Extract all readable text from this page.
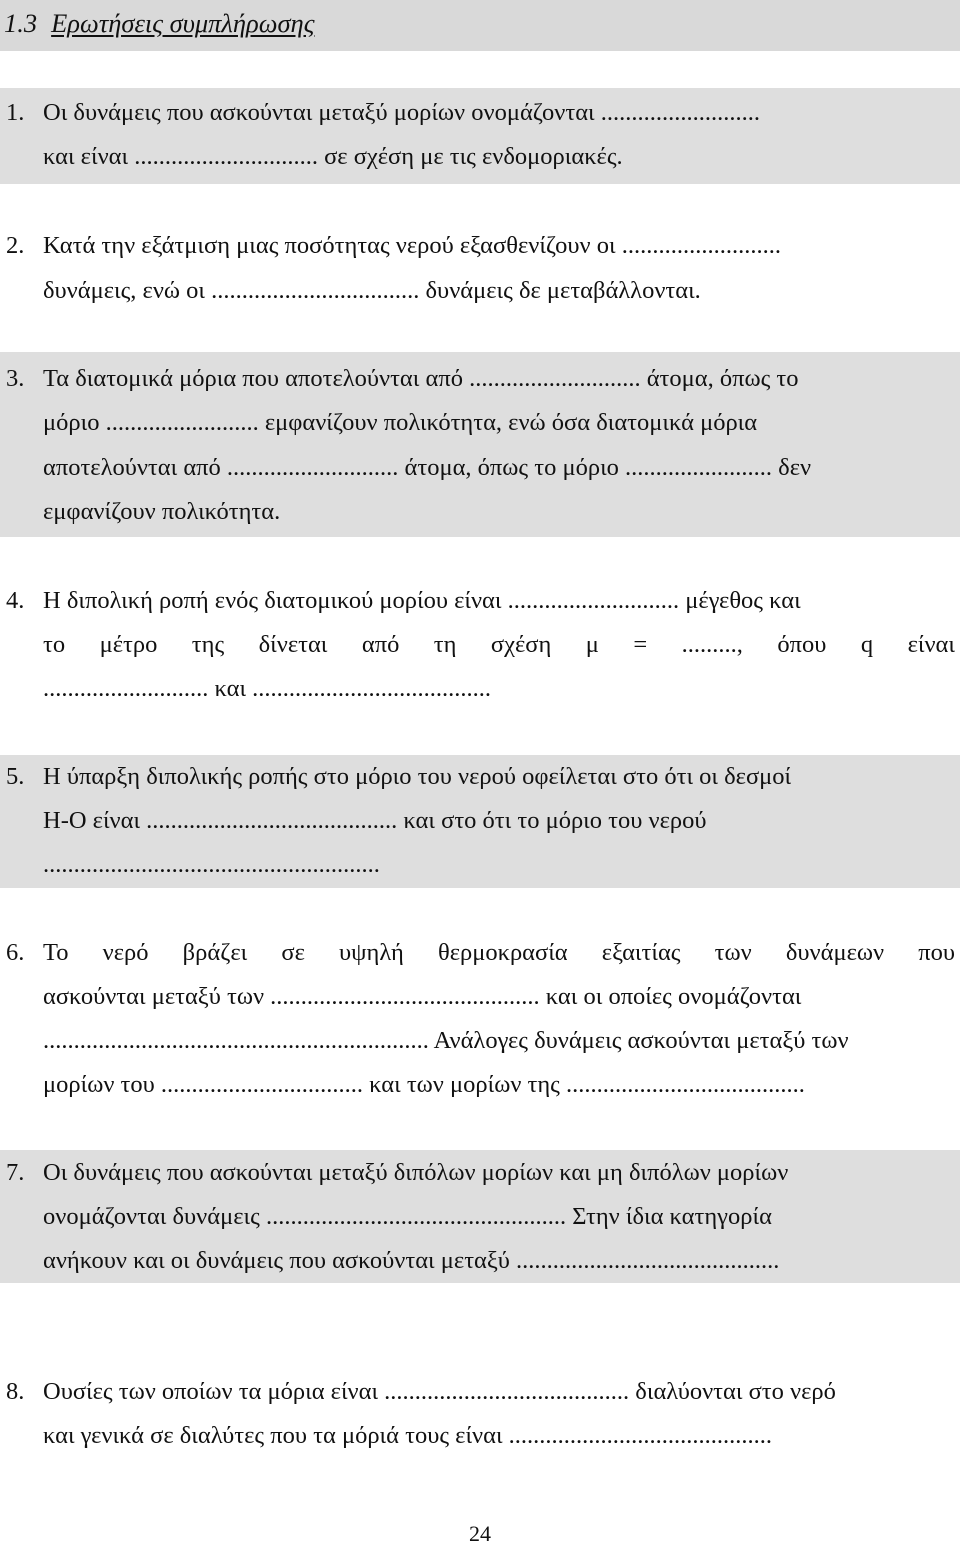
1.3 Ερωτήσεις συμπλήρωσης
1. Οι δυνάμεις που ασκούνται μεταξύ μορίων ονομάζονται ..........................
και είναι .............................. σε σχέση με τις ενδομοριακές.
2. Κατά την εξάτμιση μιας ποσότητας νερού εξασθενίζουν οι ..........................
δυνάμεις, ενώ οι .................................. δυνάμεις δε μεταβάλλονται.
3. Τα διατομικά μόρια που αποτελούνται από ............................ άτομα, όπως το
μόριο ......................... εμφανίζουν πολικότητα, ενώ όσα διατομικά μόρια
αποτελούνται από ............................ άτομα, όπως το μόριο ........................ δεν
εμφανίζουν πολικότητα.
4. Η διπολική ροπή ενός διατομικού μορίου είναι ............................ μέγεθος και
το μέτρο της δίνεται από τη σχέση μ = ........., όπου q είναι
........................... και .......................................
5. Η ύπαρξη διπολικής ροπής στο μόριο του νερού οφείλεται στο ότι οι δεσμοί
Η-Ο είναι ......................................... και στο ότι το μόριο του νερού
.......................................................
6. Το νερό βράζει σε υψηλή θερμοκρασία εξαιτίας των δυνάμεων που
ασκούνται μεταξύ των ............................................ και οι οποίες ονομάζονται
............................................................... Ανάλογες δυνάμεις ασκούνται μεταξύ των
μορίων του ................................. και των μορίων της .......................................
7. Οι δυνάμεις που ασκούνται μεταξύ διπόλων μορίων και μη διπόλων μορίων
ονομάζονται δυνάμεις ................................................. Στην ίδια κατηγορία
ανήκουν και οι δυνάμεις που ασκούνται μεταξύ ...........................................
8. Ουσίες των οποίων τα μόρια είναι ........................................ διαλύονται στο νερό
και γενικά σε διαλύτες που τα μόριά τους είναι ...........................................
24
